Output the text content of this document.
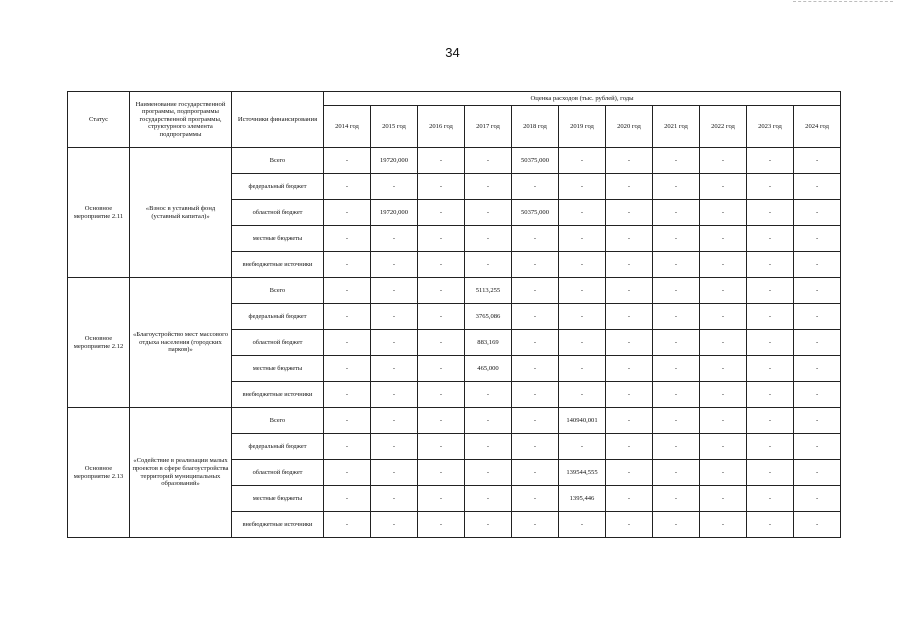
34
Статус	Наименование государственной программы, подпрограммы государственной программы, структурного элемента подпрограммы	Источники финансирования	Оценка расходов (тыс. рублей), годы										
			2014 год	2015 год	2016 год	2017 год	2018 год	2019 год	2020 год	2021 год	2022 год	2023 год	2024 год
Основное мероприятие 2.11	«Взнос в уставный фонд (уставный капитал)»	Всего	-	19720,000	-	-	50375,000	-	-	-	-	-	-
		федеральный бюджет	-	-	-	-	-	-	-	-	-	-	-
		областной бюджет	-	19720,000	-	-	50375,000	-	-	-	-	-	-
		местные бюджеты	-	-	-	-	-	-	-	-	-	-	-
		внебюджетные источники	-	-	-	-	-	-	-	-	-	-	-
Основное мероприятие 2.12	«Благоустройство мест массового отдыха населения (городских парков)»	Всего	-	-	-	5113,255	-	-	-	-	-	-	-
		федеральный бюджет	-	-	-	3765,086	-	-	-	-	-	-	-
		областной бюджет	-	-	-	883,169	-	-	-	-	-	-	-
		местные бюджеты	-	-	-	465,000	-	-	-	-	-	-	-
		внебюджетные источники	-	-	-	-	-	-	-	-	-	-	-
Основное мероприятие 2.13	«Содействие в реализации малых проектов в сфере благоустройства территорий муниципальных образований»	Всего	-	-	-	-	-	140940,001	-	-	-	-	-
		федеральный бюджет	-	-	-	-	-	-	-	-	-	-	-
		областной бюджет	-	-	-	-	-	139544,555	-	-	-	-	-
		местные бюджеты	-	-	-	-	-	1395,446	-	-	-	-	-
		внебюджетные источники	-	-	-	-	-	-	-	-	-	-	-
